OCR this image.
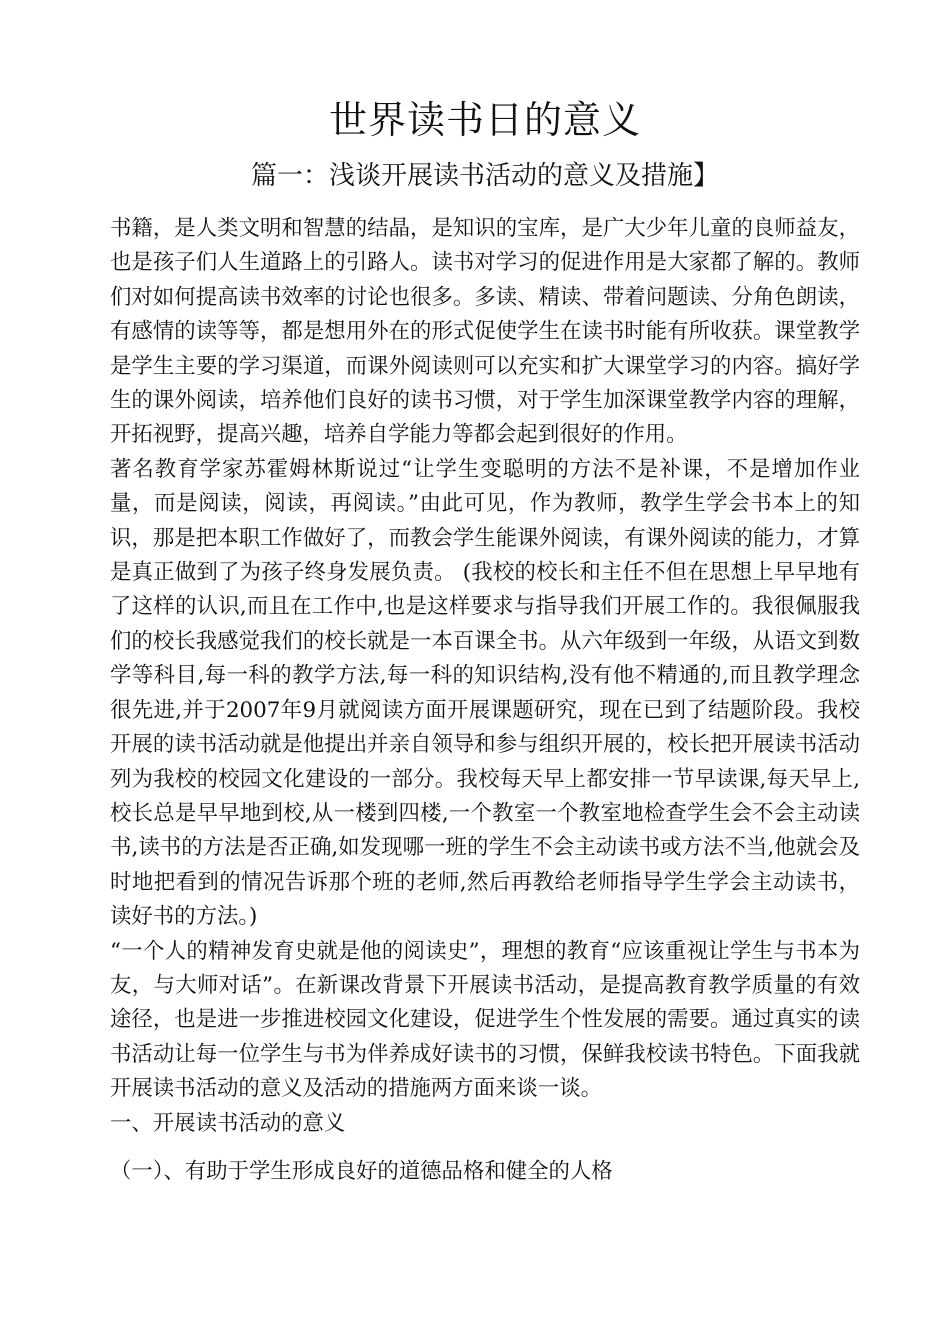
世界读书日的意义
篇一：浅谈开展读书活动的意义及措施】

书籍，是人类文明和智慧的结晶，是知识的宝库，是广大少年儿童的良师益友，也是孩子们人生道路上的引路人。读书对学习的促进作用是大家都了解的。教师们对如何提高读书效率的讨论也很多。多读、精读、带着问题读、分角色朗读，有感情的读等等，都是想用外在的形式促使学生在读书时能有所收获。课堂教学是学生主要的学习渠道，而课外阅读则可以充实和扩大课堂学习的内容。搞好学生的课外阅读，培养他们良好的读书习惯，对于学生加深课堂教学内容的理解，开拓视野，提高兴趣，培养自学能力等都会起到很好的作用。

著名教育学家苏霍姆林斯说过“让学生变聪明的方法不是补课，不是增加作业量，而是阅读，阅读，再阅读。”由此可见，作为教师，教学生学会书本上的知识，那是把本职工作做好了，而教会学生能课外阅读，有课外阅读的能力，才算是真正做到了为孩子终身发展负责。 (我校的校长和主任不但在思想上早早地有了这样的认识,而且在工作中,也是这样要求与指导我们开展工作的。我很佩服我们的校长我感觉我们的校长就是一本百课全书。从六年级到一年级，从语文到数学等科目,每一科的教学方法,每一科的知识结构,没有他不精通的,而且教学理念很先进,并于2007年9月就阅读方面开展课题研究，现在已到了结题阶段。我校开展的读书活动就是他提出并亲自领导和参与组织开展的，校长把开展读书活动列为我校的校园文化建设的一部分。我校每天早上都安排一节早读课,每天早上,校长总是早早地到校,从一楼到四楼,一个教室一个教室地检查学生会不会主动读书,读书的方法是否正确,如发现哪一班的学生不会主动读书或方法不当,他就会及时地把看到的情况告诉那个班的老师,然后再教给老师指导学生学会主动读书，读好书的方法。)

“一个人的精神发育史就是他的阅读史”，理想的教育“应该重视让学生与书本为友，与大师对话”。在新课改背景下开展读书活动，是提高教育教学质量的有效途径，也是进一步推进校园文化建设，促进学生个性发展的需要。通过真实的读书活动让每一位学生与书为伴养成好读书的习惯，保鲜我校读书特色。下面我就开展读书活动的意义及活动的措施两方面来谈一谈。

一、开展读书活动的意义

（一）、有助于学生形成良好的道德品格和健全的人格
